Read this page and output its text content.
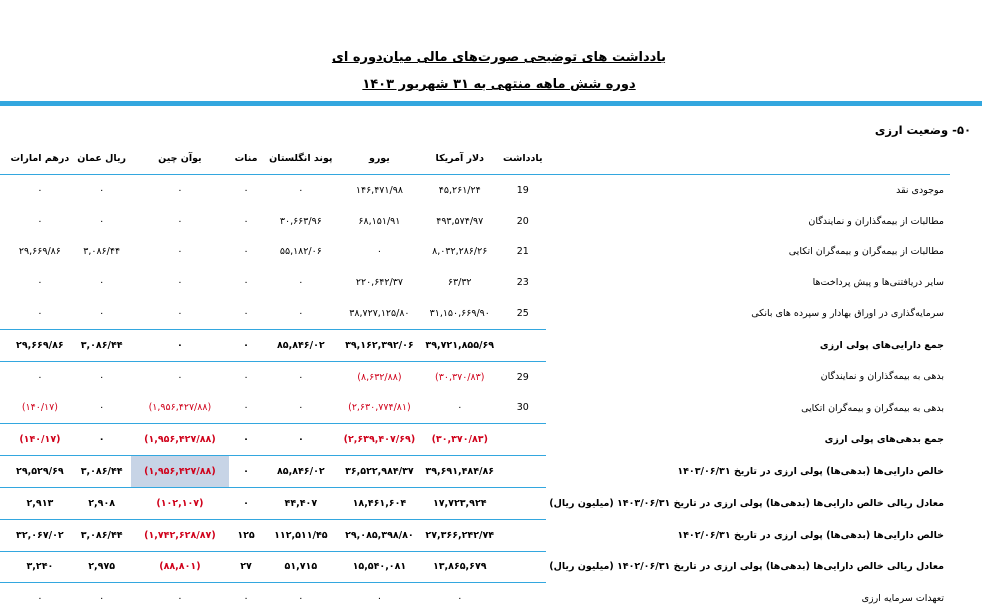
یادداشت های توضیحی صورت‌های مالی میان‌دوره ای
دوره شش ماهه منتهی به ۳۱ شهریور ۱۴۰۳
۵۰- وضعیت ارزی
	یادداشت	دلار آمریکا	یورو	پوند انگلستان	منات	یوآن چین	ریال عمان	درهم امارات	
موجودی نقد	19	۴۵,۲۶۱/۲۴	۱۴۶,۴۷۱/۹۸	۰	۰	۰	۰	۰	
مطالبات از بیمه‌گذاران و نمایندگان	20	۴۹۳,۵۷۴/۹۷	۶۸,۱۵۱/۹۱	۳۰,۶۶۳/۹۶	۰	۰	۰	۰	
مطالبات از بیمه‌گران و بیمه‌گران اتکایی	21	۸,۰۳۲,۲۸۶/۲۶	۰	۵۵,۱۸۲/۰۶	۰	۰	۳,۰۸۶/۴۴	۲۹,۶۶۹/۸۶	
سایر دریافتنی‌ها و پیش پرداخت‌ها	23	۶۳/۳۲	۲۲۰,۶۴۲/۳۷	۰	۰	۰	۰	۰	
سرمایه‌گذاری در اوراق بهادار و سپرده های بانکی	25	۳۱,۱۵۰,۶۶۹/۹۰	۳۸,۷۲۷,۱۲۵/۸۰	۰	۰	۰	۰	۰	
جمع دارایی‌های پولی ارزی		۳۹,۷۲۱,۸۵۵/۶۹	۳۹,۱۶۲,۳۹۲/۰۶	۸۵,۸۴۶/۰۲	۰	۰	۳,۰۸۶/۴۴	۲۹,۶۶۹/۸۶	
بدهی به بیمه‌گذاران و نمایندگان	29	(۳۰,۳۷۰/۸۳)	(۸,۶۳۲/۸۸)	۰	۰	۰	۰	۰	
بدهی به بیمه‌گران و بیمه‌گران اتکایی	30	۰	(۲,۶۳۰,۷۷۴/۸۱)	۰	۰	(۱,۹۵۶,۴۲۷/۸۸)	۰	(۱۴۰/۱۷)	
جمع بدهی‌های پولی ارزی		(۳۰,۳۷۰/۸۳)	(۲,۶۳۹,۴۰۷/۶۹)	۰	۰	(۱,۹۵۶,۴۲۷/۸۸)	۰	(۱۴۰/۱۷)	
خالص دارایی‌ها (بدهی‌ها) پولی ارزی در تاریخ ۱۴۰۳/۰۶/۳۱		۳۹,۶۹۱,۴۸۴/۸۶	۳۶,۵۲۲,۹۸۴/۳۷	۸۵,۸۴۶/۰۲	۰	(۱,۹۵۶,۴۲۷/۸۸)	۳,۰۸۶/۴۴	۲۹,۵۲۹/۶۹	
معادل ریالی خالص دارایی‌ها (بدهی‌ها) پولی ارزی در تاریخ ۱۴۰۳/۰۶/۳۱ (میلیون ریال)		۱۷,۷۲۳,۹۲۴	۱۸,۴۶۱,۶۰۴	۴۴,۴۰۷	۰	(۱۰۲,۱۰۷)	۲,۹۰۸	۲,۹۱۳	
خالص دارایی‌ها (بدهی‌ها) پولی ارزی در تاریخ ۱۴۰۲/۰۶/۳۱		۲۷,۳۶۶,۲۴۲/۷۴	۲۹,۰۸۵,۳۹۸/۸۰	۱۱۲,۵۱۱/۴۵	۱۲۵	(۱,۷۴۲,۶۲۸/۸۷)	۳,۰۸۶/۴۴	۳۲,۰۶۷/۰۲	
معادل ریالی خالص دارایی‌ها (بدهی‌ها) پولی ارزی در تاریخ ۱۴۰۲/۰۶/۳۱ (میلیون ریال)		۱۳,۸۶۵,۶۷۹	۱۵,۵۴۰,۰۸۱	۵۱,۷۱۵	۲۷	(۸۸,۸۰۱)	۲,۹۷۵	۳,۲۴۰	
تعهدات سرمایه ارزی		۰	۰	۰	۰	۰	۰	۰	
